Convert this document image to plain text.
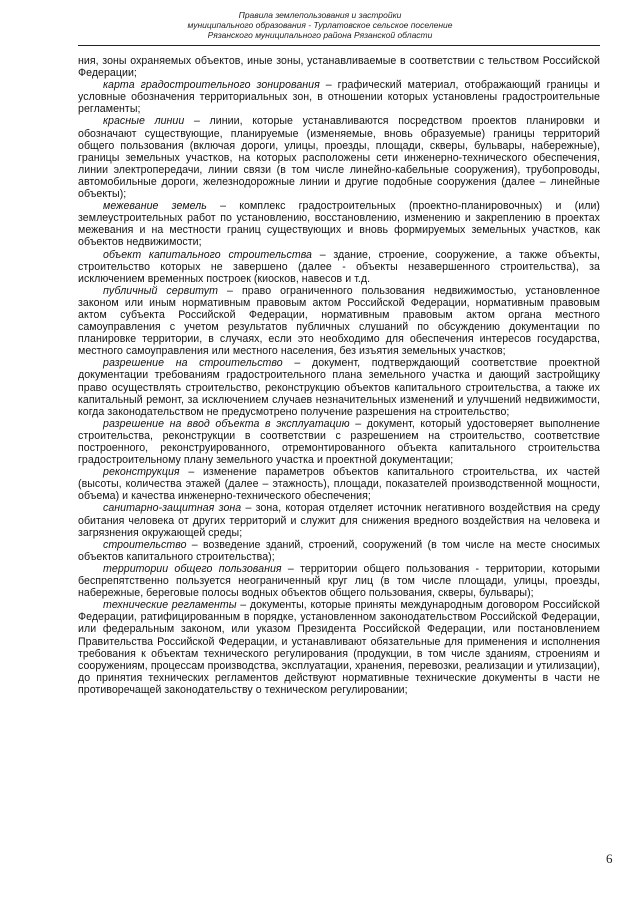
Правила землепользования и застройки
муниципального образования - Турлатовское сельское поселение
Рязанского муниципального района Рязанской области

ния, зоны охраняемых объектов, иные зоны, устанавливаемые в соответствии с тельством Российской Федерации;

карта градостроительного зонирования – графический материал, отображающий границы и условные обозначения территориальных зон, в отношении которых установлены градостроительные регламенты;

красные линии – линии, которые устанавливаются посредством проектов планировки и обозначают существующие, планируемые (изменяемые, вновь образуемые) границы территорий общего пользования (включая дороги, улицы, проезды, площади, скверы, бульвары, набережные), границы земельных участков, на которых расположены сети инженерно-технического обеспечения, линии электропередачи, линии связи (в том числе линейно-кабельные сооружения), трубопроводы, автомобильные дороги, железнодорожные линии и другие подобные сооружения (далее – линейные объекты);

межевание земель – комплекс градостроительных (проектно-планировочных) и (или) землеустроительных работ по установлению, восстановлению, изменению и закреплению в проектах межевания и на местности границ существующих и вновь формируемых земельных участков, как объектов недвижимости;

объект капитального строительства – здание, строение, сооружение, а также объекты, строительство которых не завершено (далее - объекты незавершенного строительства), за исключением временных построек (киосков, навесов и т.д.

публичный сервитут – право ограниченного пользования недвижимостью, установленное законом или иным нормативным правовым актом Российской Федерации, нормативным правовым актом субъекта Российской Федерации, нормативным правовым актом органа местного самоуправления с учетом результатов публичных слушаний по обсуждению документации по планировке территории, в случаях, если это необходимо для обеспечения интересов государства, местного самоуправления или местного населения, без изъятия земельных участков;

разрешение на строительство – документ, подтверждающий соответствие проектной документации требованиям градостроительного плана земельного участка и дающий застройщику право осуществлять строительство, реконструкцию объектов капитального строительства, а также их капитальный ремонт, за исключением случаев незначительных изменений и улучшений недвижимости, когда законодательством не предусмотрено получение разрешения на строительство;

разрешение на ввод объекта в эксплуатацию – документ, который удостоверяет выполнение строительства, реконструкции в соответствии с разрешением на строительство, соответствие построенного, реконструированного, отремонтированного объекта капитального строительства градостроительному плану земельного участка и проектной документации;

реконструкция – изменение параметров объектов капитального строительства, их частей (высоты, количества этажей (далее – этажность), площади, показателей производственной мощности, объема) и качества инженерно-технического обеспечения;

санитарно-защитная зона – зона, которая отделяет источник негативного воздействия на среду обитания человека от других территорий и служит для снижения вредного воздействия на человека и загрязнения окружающей среды;

строительство – возведение зданий, строений, сооружений (в том числе на месте сносимых объектов капитального строительства);

территории общего пользования – территории общего пользования - территории, которыми беспрепятственно пользуется неограниченный круг лиц (в том числе площади, улицы, проезды, набережные, береговые полосы водных объектов общего пользования, скверы, бульвары);

технические регламенты – документы, которые приняты международным договором Российской Федерации, ратифицированным в порядке, установленном законодательством Российской Федерации, или федеральным законом, или указом Президента Российской Федерации, или постановлением Правительства Российской Федерации, и устанавливают обязательные для применения и исполнения требования к объектам технического регулирования (продукции, в том числе зданиям, строениям и сооружениям, процессам производства, эксплуатации, хранения, перевозки, реализации и утилизации), до принятия технических регламентов действуют нормативные технические документы в части не противоречащей законодательству о техническом регулировании;

6
